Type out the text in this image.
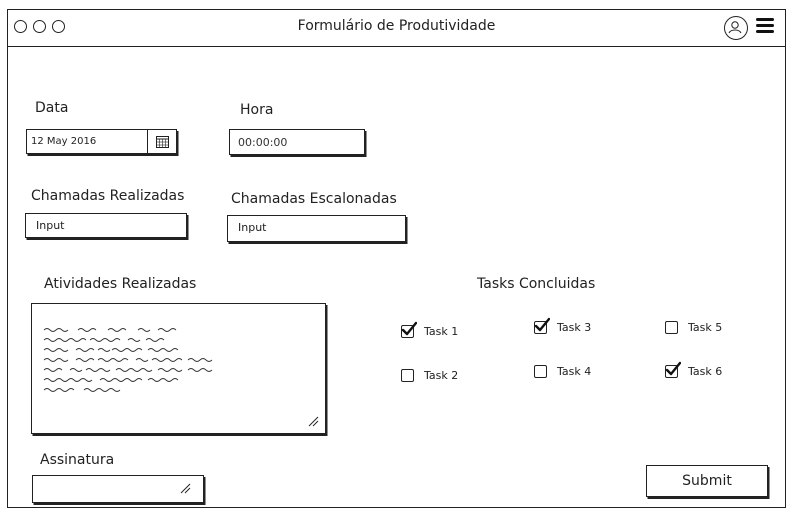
Formulário de Produtividade
Data
12 May 2016
Hora
00:00:00
Chamadas Realizadas
Input
Chamadas Escalonadas
Input
Atividades Realizadas	Tasks Concluidas
Task 1
Task 2
Task 3
Task 4
Task 5
Task 6
Assinatura
Submit
